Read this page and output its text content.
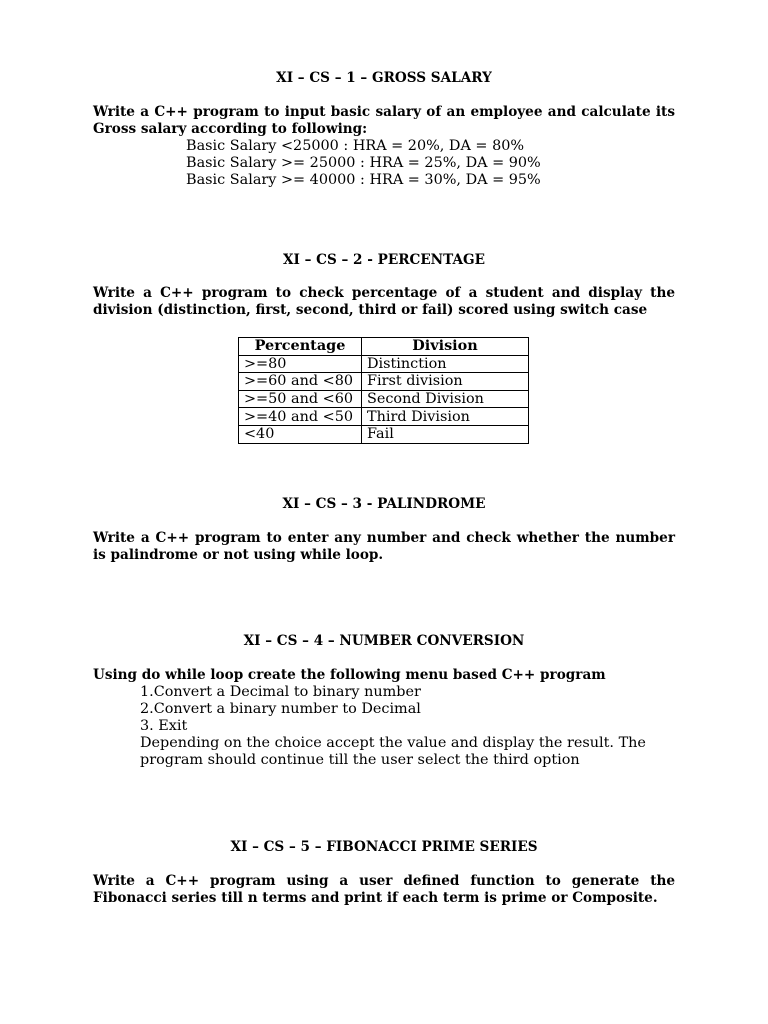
XI – CS – 1 – GROSS SALARY
Write a C++ program to input basic salary of an employee and calculate its Gross salary according to following:
Basic Salary <25000 : HRA = 20%, DA = 80%
Basic Salary >= 25000 : HRA = 25%, DA = 90%
Basic Salary >= 40000 : HRA = 30%, DA = 95%
XI – CS – 2 - PERCENTAGE
Write a C++ program to check percentage of a student and display the division (distinction, first, second, third or fail) scored using switch case
Percentage	Division
>=80	Distinction
>=60 and <80	First division
>=50 and <60	Second Division
>=40 and <50	Third Division
<40	Fail
XI – CS – 3 - PALINDROME
Write a C++ program to enter any number and check whether the number is palindrome or not using while loop.
XI – CS – 4 – NUMBER CONVERSION
Using do while loop create the following menu based C++ program
1.Convert a Decimal to binary number
2.Convert a binary number to Decimal
3. Exit
Depending on the choice accept the value and display the result. The
program should continue till the user select the third option
XI – CS – 5 – FIBONACCI PRIME SERIES
Write a C++ program using a user defined function to generate the Fibonacci series till n terms and print if each term is prime or Composite.
